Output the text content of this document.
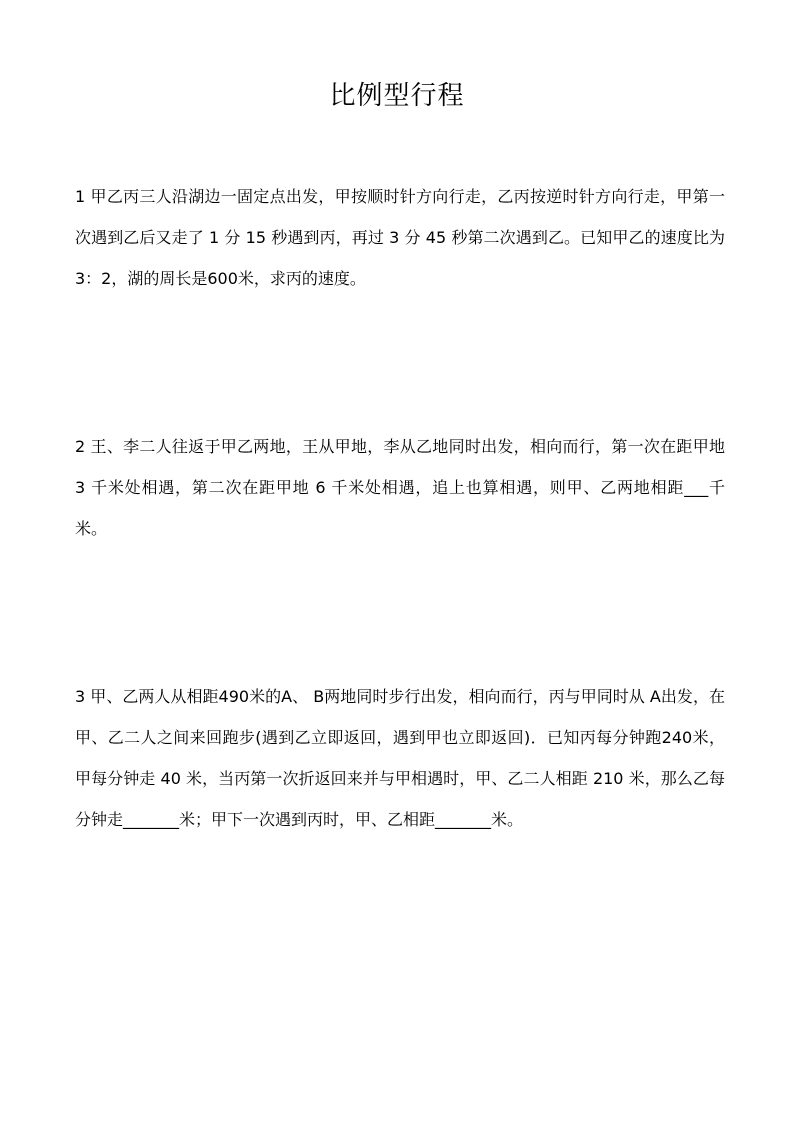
比例型行程

1 甲乙丙三人沿湖边一固定点出发，甲按顺时针方向行走，乙丙按逆时针方向行走，甲第一次遇到乙后又走了 1 分 15 秒遇到丙，再过 3 分 45 秒第二次遇到乙。已知甲乙的速度比为3：2，湖的周长是600米，求丙的速度。

2 王、李二人往返于甲乙两地，王从甲地，李从乙地同时出发，相向而行，第一次在距甲地 3 千米处相遇，第二次在距甲地 6 千米处相遇，追上也算相遇，则甲、乙两地相距___千米。

3 甲、乙两人从相距490米的A、 B两地同时步行出发，相向而行，丙与甲同时从 A出发，在甲、乙二人之间来回跑步(遇到乙立即返回，遇到甲也立即返回)．已知丙每分钟跑240米，甲每分钟走 40 米，当丙第一次折返回来并与甲相遇时，甲、乙二人相距 210 米，那么乙每分钟走_______米；甲下一次遇到丙时，甲、乙相距_______米。
